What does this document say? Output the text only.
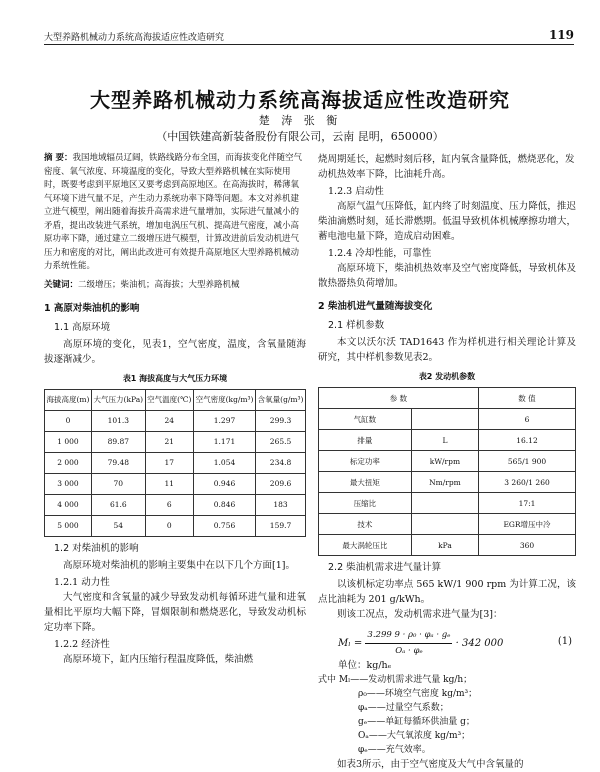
大型养路机械动力系统高海拔适应性改造研究	119
大型养路机械动力系统高海拔适应性改造研究
楚 涛 张 衡
（中国铁建高新装备股份有限公司，云南 昆明，650000）
摘 要：我国地域辐员辽阔，铁路线路分布全国，而海拔变化伴随空气密度、氧气浓度、环境温度的变化，导致大型养路机械在实际使用时，既要考虑到平原地区又要考虑到高原地区。在高海拔时，稀薄氧气环境下进气量不足，产生动力系统功率下降等问题。本文对养机建立进气模型，阐出随着海拔升高需求进气量增加，实际进气量减小的矛盾，提出改装进气系统，增加电涡压气机、提高进气密度，减小高原功率下降，通过建立二级增压进气模型，计算改进前后发动机进气压力和密度的对比，阐出此改进可有效提升高原地区大型养路机械动力系统性能。
关键词：二级增压；柴油机；高海拔；大型养路机械
1 高原对柴油机的影响
1.1 高原环境
高原环境的变化，见表1，空气密度，温度，含氧量随海拔逐渐减少。
表1 海拔高度与大气压力环境
海拔高度(m)	大气压力(kPa)	空气温度(℃)	空气密度(kg/m³)	含氧量(g/m³)
0	101.3	24	1.297	299.3
1 000	89.87	21	1.171	265.5
2 000	79.48	17	1.054	234.8
3 000	70	11	0.946	209.6
4 000	61.6	6	0.846	183
5 000	54	0	0.756	159.7
1.2 对柴油机的影响
高原环境对柴油机的影响主要集中在以下几个方面[1]。
1.2.1 动力性
大气密度和含氧量的减少导致发动机每循环进气量和进氧量相比平原均大幅下降，冒烟限制和燃烧恶化，导致发动机标定功率下降。
1.2.2 经济性
高原环境下，缸内压缩行程温度降低，柴油燃
烧周期延长，起燃时刻后移，缸内氧含量降低，燃烧恶化，发动机热效率下降，比油耗升高。
1.2.3 启动性
高原气温气压降低，缸内终了时刻温度、压力降低，推迟柴油滴燃时刻，延长滞燃期。低温导致机体机械摩擦功增大，蓄电池电量下降，造成启动困难。
1.2.4 冷却性能，可靠性
高原环境下，柴油机热效率及空气密度降低，导致机体及散热器热负荷增加。
2 柴油机进气量随海拔变化
2.1 样机参数
本文以沃尔沃 TAD1643 作为样机进行相关理论计算及研究，其中样机参数见表2。
表2 发动机参数
参 数		数 值
气缸数		6
排量	L	16.12
标定功率	kW/rpm	565/1 900
最大扭矩	Nm/rpm	3 260/1 260
压缩比		17:1
技术		EGR增压中冷
最大涡轮压比	kPa	360
2.2 柴油机需求进气量计算
以该机标定功率点 565 kW/1 900 rpm 为计算工况，该点比油耗为 201 g/kWh。
则该工况点，发动机需求进气量为[3]：
$M_l = \frac{\text{3.299 9 · ρ₀ · φₐ · gₑ}}{\text{Oₐ · φₑ}} \cdot 342$ 000	(1)
单位：kg/hₑ
式中 Mₗ——发动机需求进气量 kg/h；
ρ₀——环境空气密度 kg/m³；
φₐ——过量空气系数；
gₑ——单缸每循环供油量 g；
Oₐ——大气氧浓度 kg/m³；
φₑ——充气效率。
如表3所示，由于空气密度及大气中含氧量的
